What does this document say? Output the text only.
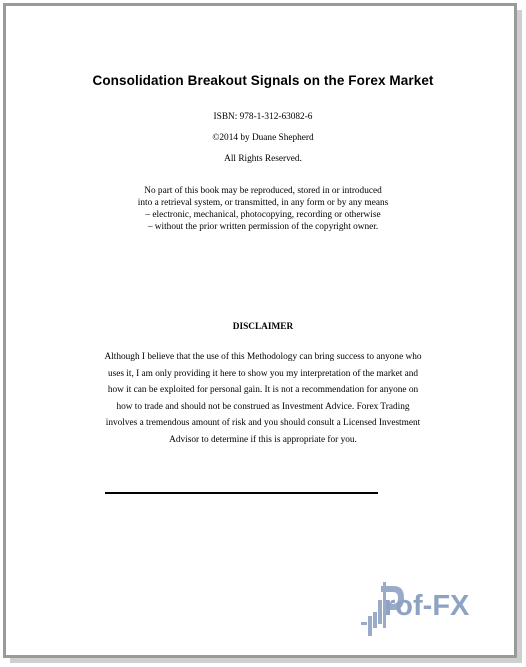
Consolidation Breakout Signals on the Forex Market
ISBN: 978-1-312-63082-6
©2014 by Duane Shepherd
All Rights Reserved.
No part of this book may be reproduced, stored in or introduced
into a retrieval system, or transmitted, in any form or by any means
– electronic, mechanical, photocopying, recording or otherwise
– without the prior written permission of the copyright owner.
DISCLAIMER
Although I believe that the use of this Methodology can bring success to anyone who
uses it, I am only providing it here to show you my interpretation of the market and
how it can be exploited for personal gain. It is not a recommendation for anyone on
how to trade and should not be construed as Investment Advice. Forex Trading
involves a tremendous amount of risk and you should consult a Licensed Investment
Advisor to determine if this is appropriate for you.
rof-FX
